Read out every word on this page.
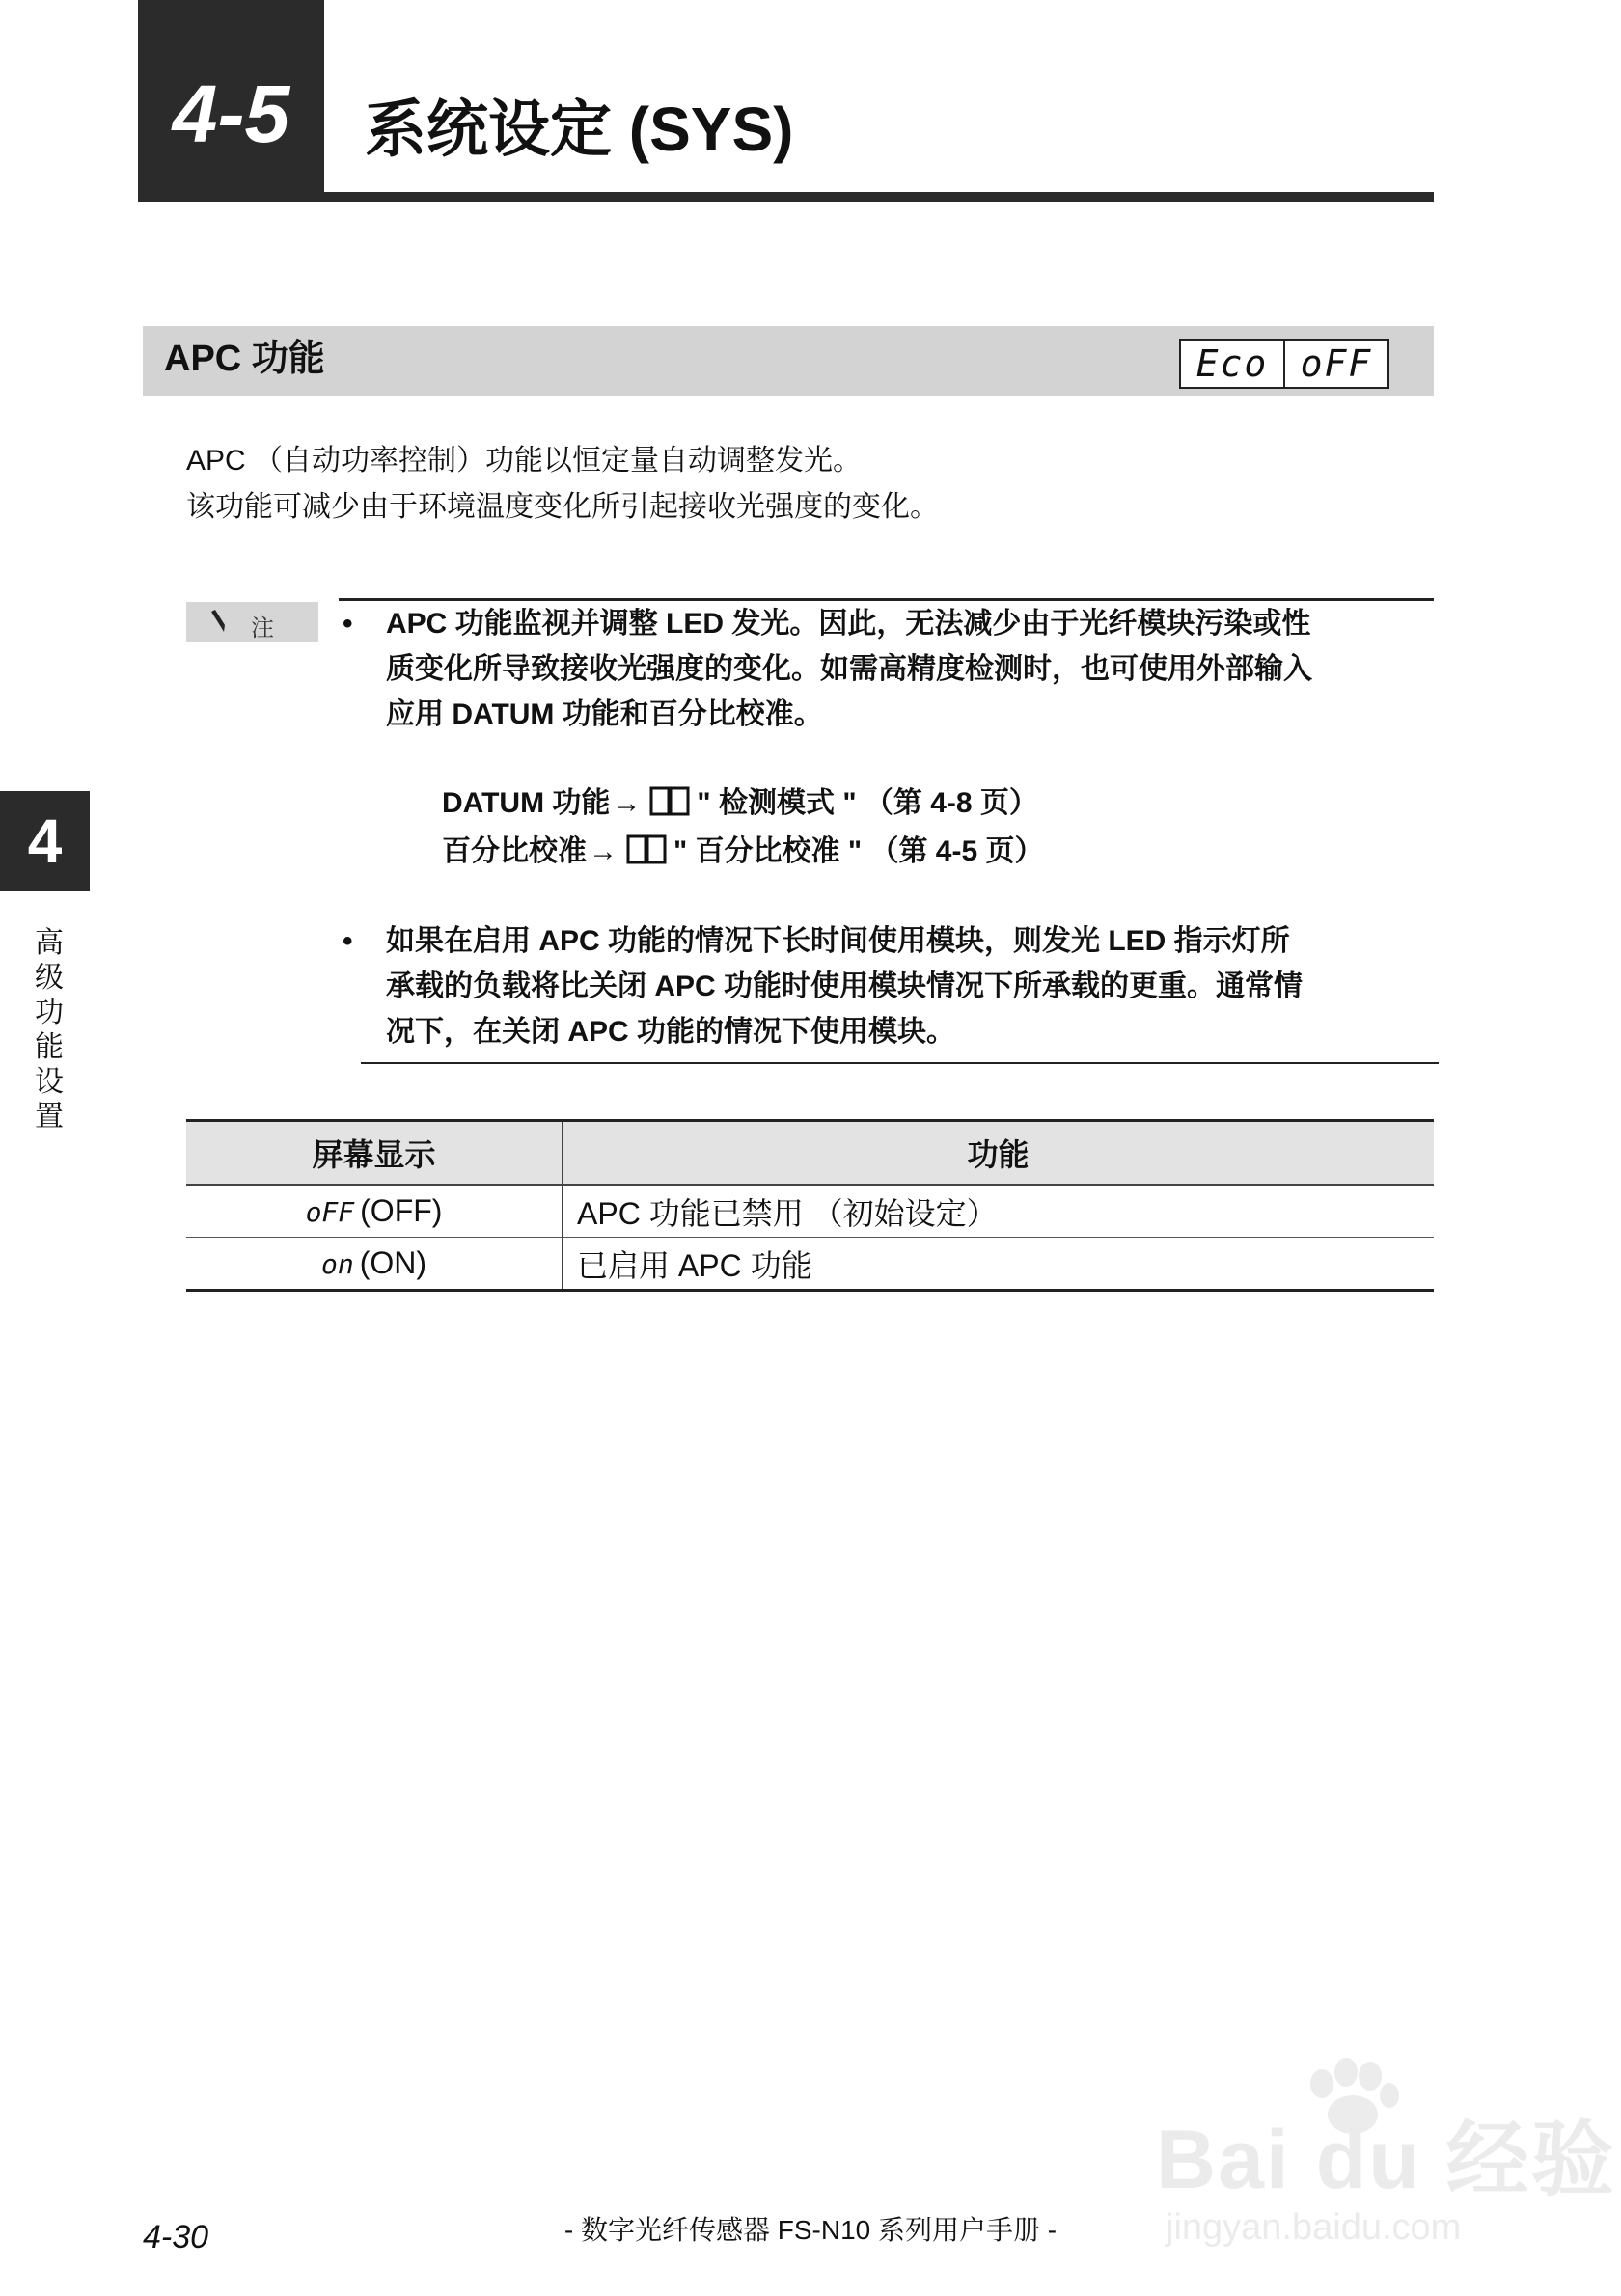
4-5	系统设定 (SYS)
APC 功能	Eco oFF

APC （自动功率控制）功能以恒定量自动调整发光。

该功能可减少由于环境温度变化所引起接收光强度的变化。

注 • APC 功能监视并调整 LED 发光。因此，无法减少由于光纤模块污染或性

质变化所导致接收光强度的变化。如需高精度检测时，也可使用外部输入

应用 DATUM 功能和百分比校准。

DATUM 功能→ " 检测模式 " （第 4-8 页）

百分比校准→ " 百分比校准 " （第 4-5 页）

• 如果在启用 APC 功能的情况下长时间使用模块，则发光 LED 指示灯所

承载的负载将比关闭 APC 功能时使用模块情况下所承载的更重。通常情

况下，在关闭 APC 功能的情况下使用模块。

4
高级功能设置
屏幕显示	功能
oFF (OFF)	APC 功能已禁用 （初始设定）
on (ON)	已启用 APC 功能
4-30	- 数字光纤传感器 FS-N10 系列用户手册 -
Bai du 经验
jingyan.baidu.com
